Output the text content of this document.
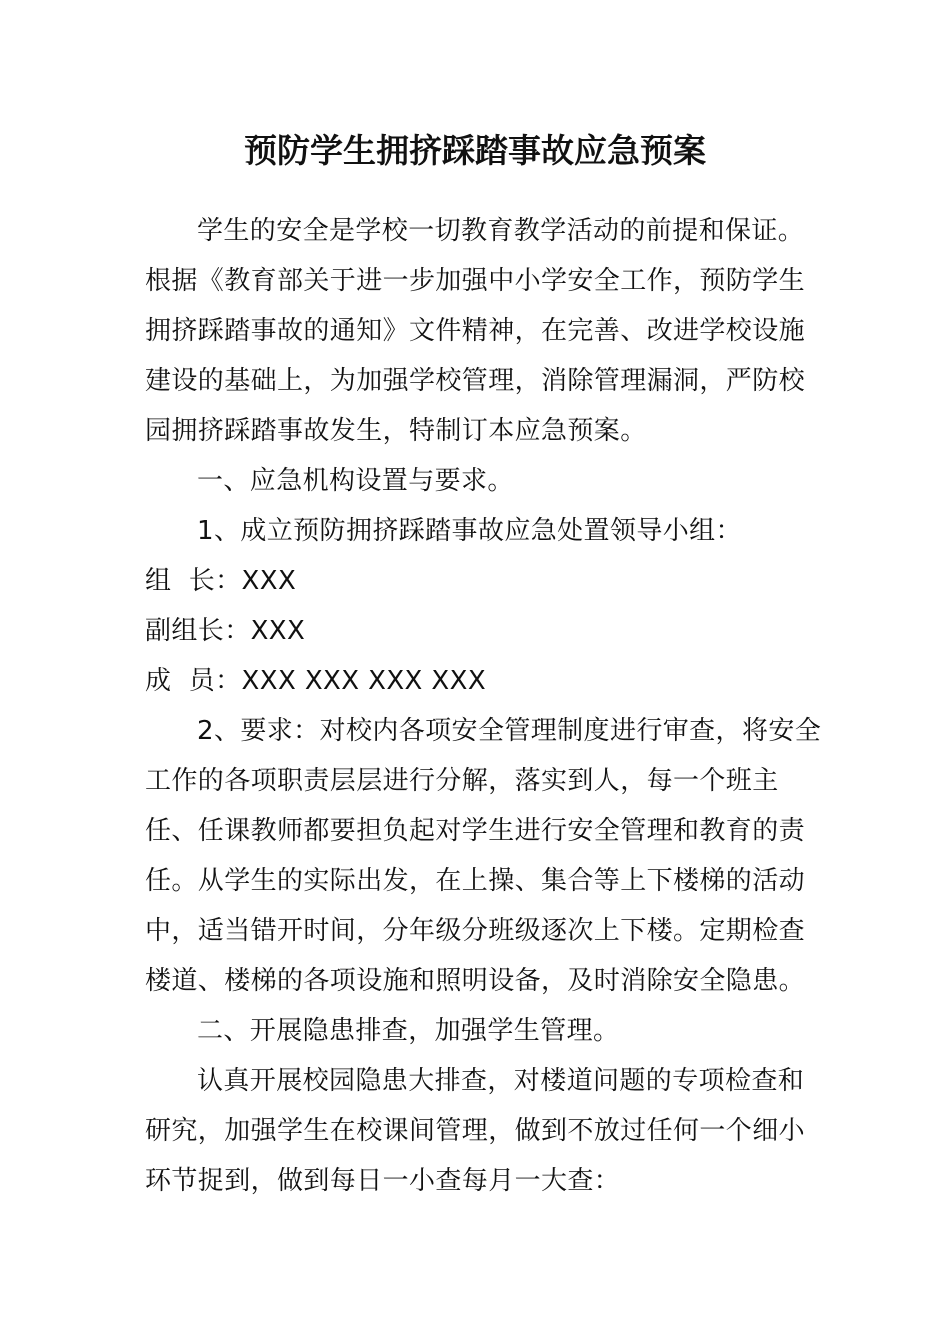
预防学生拥挤踩踏事故应急预案

学生的安全是学校一切教育教学活动的前提和保证。
根据《教育部关于进一步加强中小学安全工作，预防学生
拥挤踩踏事故的通知》文件精神，在完善、改进学校设施
建设的基础上，为加强学校管理，消除管理漏洞，严防校
园拥挤踩踏事故发生，特制订本应急预案。

一、应急机构设置与要求。

1、成立预防拥挤踩踏事故应急处置领导小组：

组  长：XXX

副组长：XXX

成  员：XXX XXX XXX XXX

2、要求：对校内各项安全管理制度进行审查，将安全
工作的各项职责层层进行分解，落实到人，每一个班主
任、任课教师都要担负起对学生进行安全管理和教育的责
任。从学生的实际出发，在上操、集合等上下楼梯的活动
中，适当错开时间，分年级分班级逐次上下楼。定期检查
楼道、楼梯的各项设施和照明设备，及时消除安全隐患。

二、开展隐患排查，加强学生管理。

认真开展校园隐患大排查，对楼道问题的专项检查和
研究，加强学生在校课间管理，做到不放过任何一个细小
环节捉到，做到每日一小查每月一大查：
